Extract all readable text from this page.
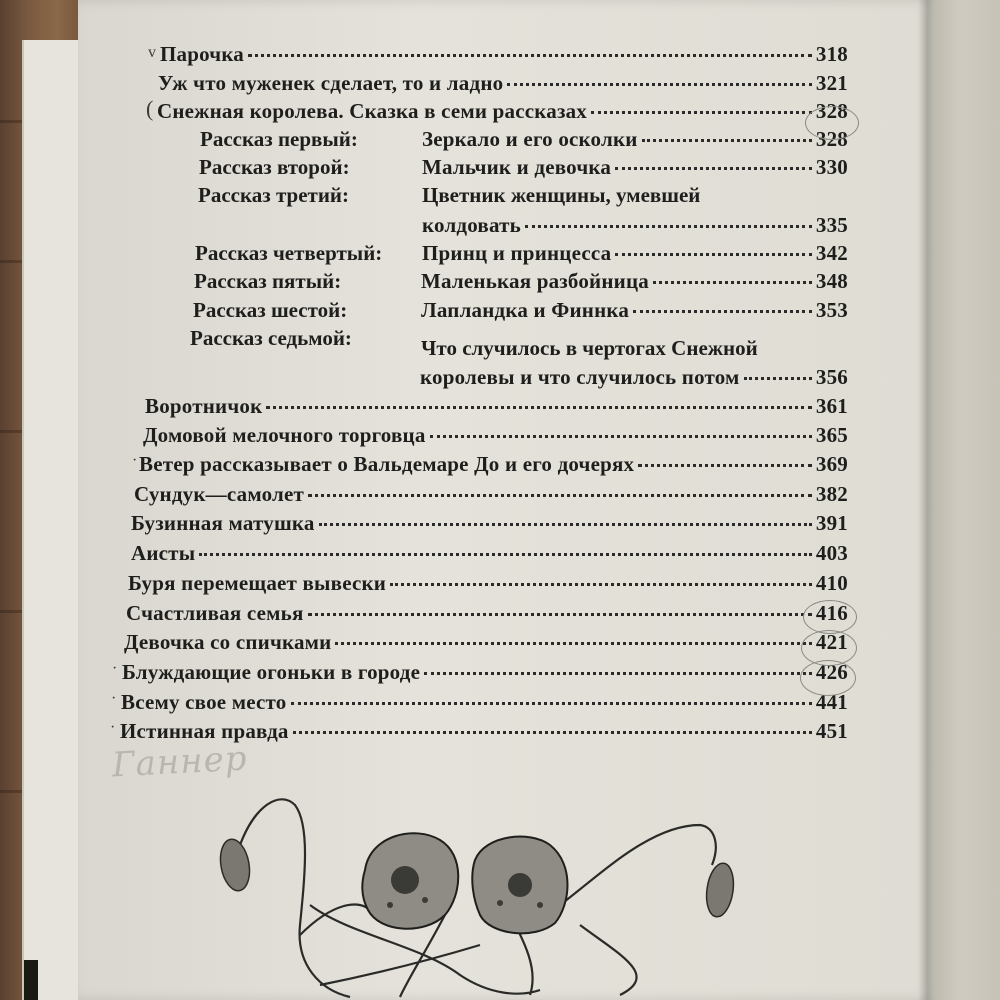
Парочка	318
Уж что муженек сделает, то и ладно	321
Снежная королева. Сказка в семи рассказах	328
Рассказ первый:	Зеркало и его осколки	328
Рассказ второй:	Мальчик и девочка	330
Рассказ третий:	Цветник женщины, умевшей
колдовать	335
Рассказ четвертый: Принц и принцесса	342
Рассказ пятый:	Маленькая разбойница	348
Рассказ шестой:	Лапландка и Финнка	353
Рассказ седьмой:	Что случилось в чертогах Снежной
королевы и что случилось потом	356
Воротничок	361
Домовой мелочного торговца	365
Ветер рассказывает о Вальдемаре До и его дочерях	369
Сундук—самолет	382
Бузинная матушка	391
Аисты	403
Буря перемещает вывески	410
Счастливая семья	416
Девочка со спичками	421
Блуждающие огоньки в городе	426
Всему свое место	441
Истинная правда	451
v
·
·
·
·
(
Ганнер
